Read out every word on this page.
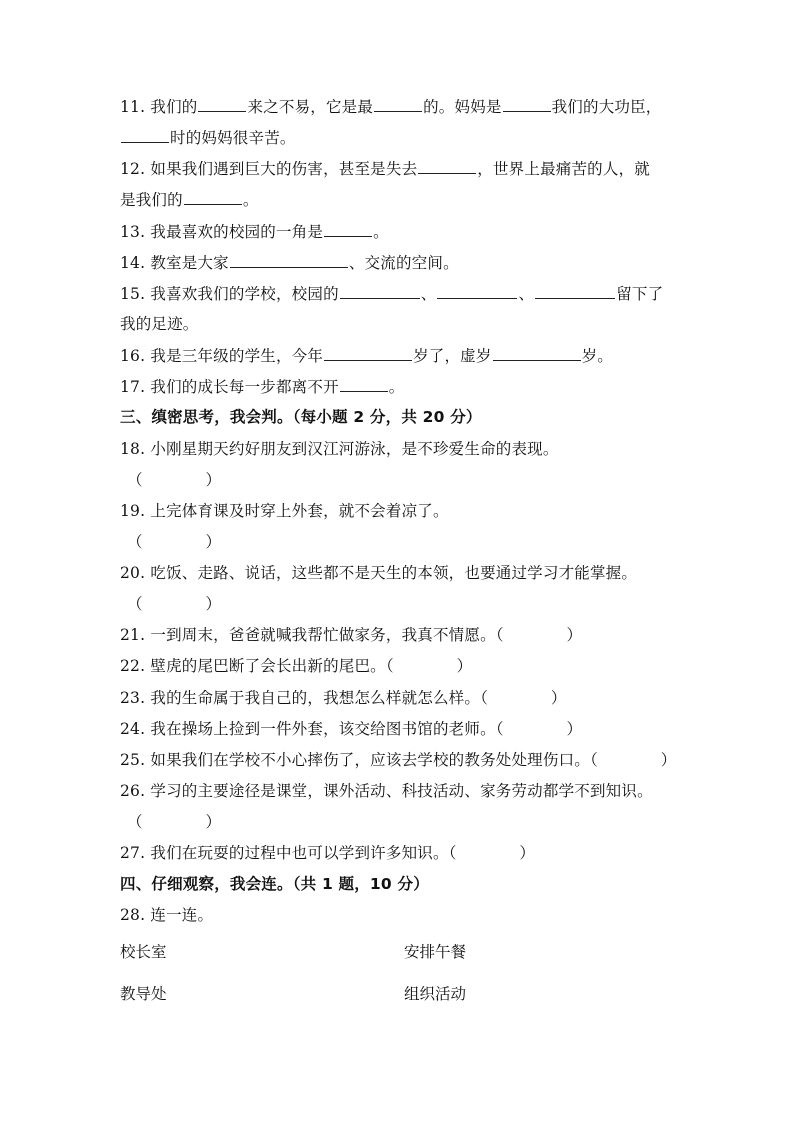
11. 我们的	来之不易，它是最	的。妈妈是	我们的大功臣，
时的妈妈很辛苦。
12. 如果我们遇到巨大的伤害，甚至是失去	，世界上最痛苦的人，就
是我们的	。
13. 我最喜欢的校园的一角是	。
14. 教室是大家	、交流的空间。
15. 我喜欢我们的学校，校园的	、	、	留下了
我的足迹。
16. 我是三年级的学生，今年	岁了，虚岁	岁。
17. 我们的成长每一步都离不开	。
三、缜密思考，我会判。（每小题 2 分，共 20 分）
18. 小刚星期天约好朋友到汉江河游泳，是不珍爱生命的表现。
（　　　　）
19. 上完体育课及时穿上外套，就不会着凉了。
（　　　　）
20. 吃饭、走路、说话，这些都不是天生的本领，也要通过学习才能掌握。
（　　　　）
21. 一到周末，爸爸就喊我帮忙做家务，我真不情愿。（　　　　）
22. 壁虎的尾巴断了会长出新的尾巴。（　　　　）
23. 我的生命属于我自己的，我想怎么样就怎么样。（　　　　）
24. 我在操场上捡到一件外套，该交给图书馆的老师。（　　　　）
25. 如果我们在学校不小心摔伤了，应该去学校的教务处处理伤口。（　　　　）
26. 学习的主要途径是课堂，课外活动、科技活动、家务劳动都学不到知识。
（　　　　）
27. 我们在玩耍的过程中也可以学到许多知识。（　　　　）
四、仔细观察，我会连。（共 1 题，10 分）
28. 连一连。
校长室	安排午餐
教导处	组织活动
